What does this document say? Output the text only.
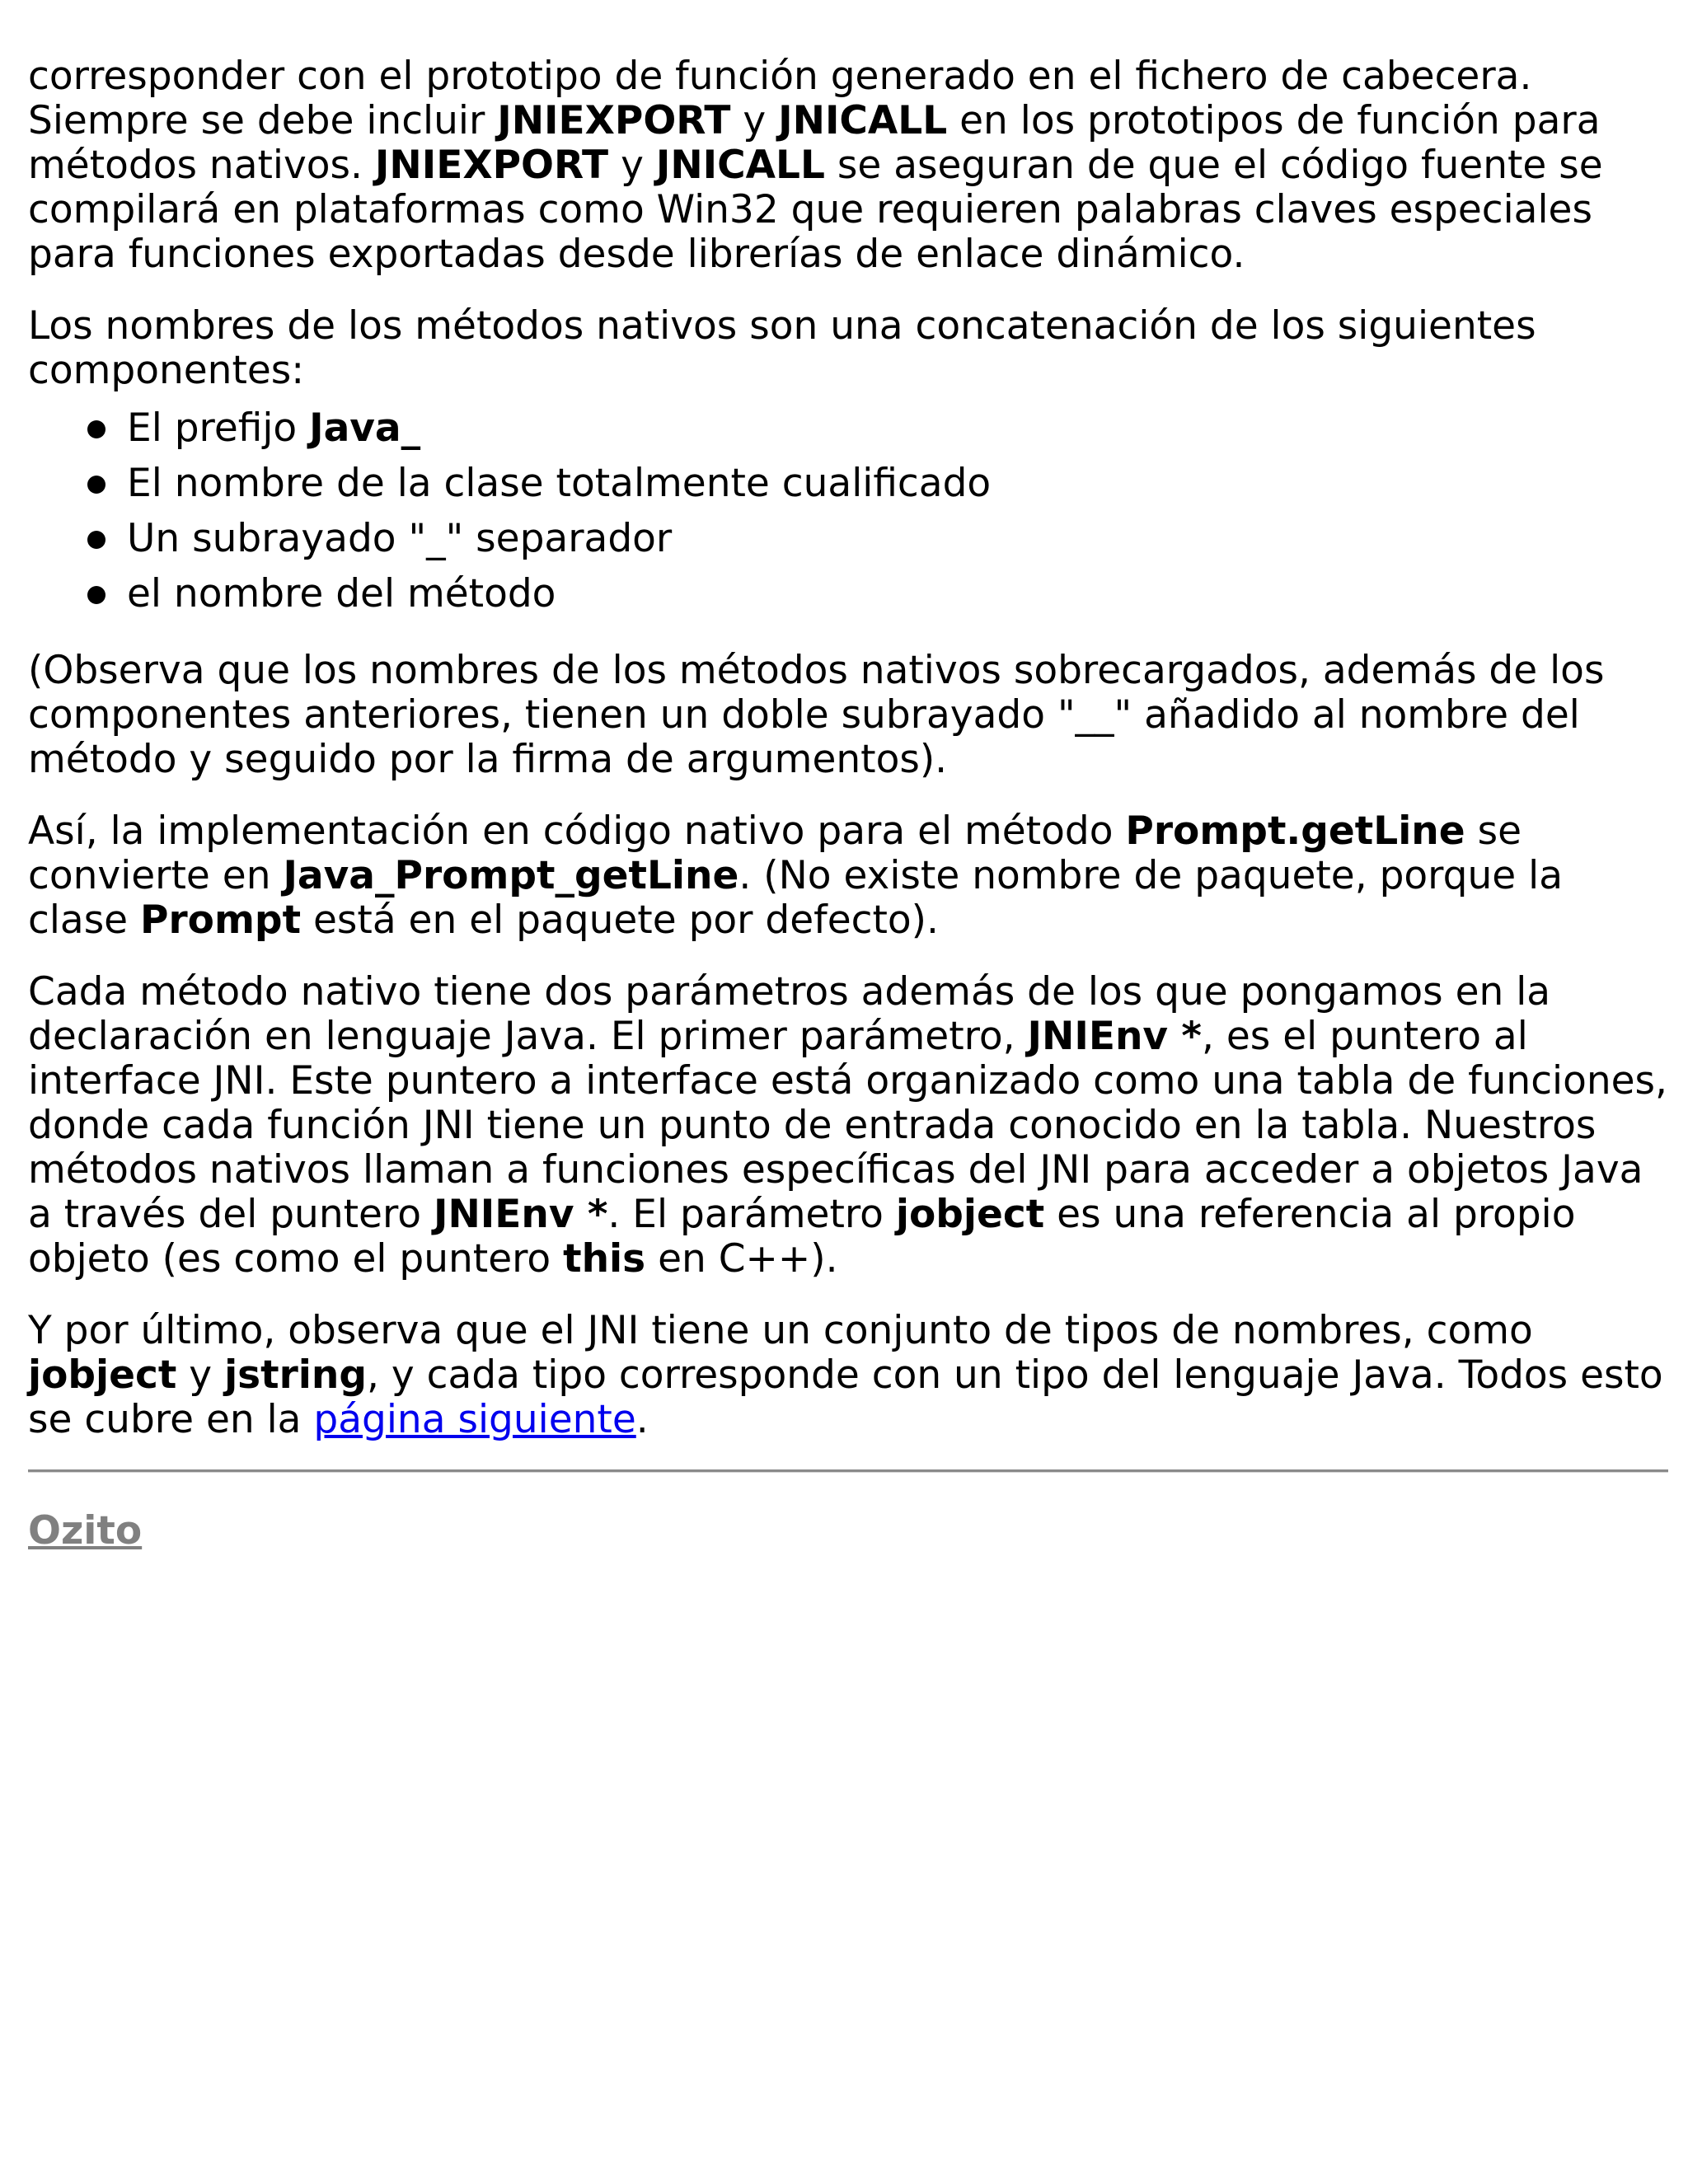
corresponder con el prototipo de función generado en el fichero de cabecera. Siempre se debe incluir JNIEXPORT y JNICALL en los prototipos de función para métodos nativos. JNIEXPORT y JNICALL se aseguran de que el código fuente se compilará en plataformas como Win32 que requieren palabras claves especiales para funciones exportadas desde librerías de enlace dinámico.

Los nombres de los métodos nativos son una concatenación de los siguientes componentes:

El prefijo Java_
El nombre de la clase totalmente cualificado
Un subrayado "_" separador
el nombre del método

(Observa que los nombres de los métodos nativos sobrecargados, además de los componentes anteriores, tienen un doble subrayado "__" añadido al nombre del método y seguido por la firma de argumentos).

Así, la implementación en código nativo para el método Prompt.getLine se convierte en Java_Prompt_getLine. (No existe nombre de paquete, porque la clase Prompt está en el paquete por defecto).

Cada método nativo tiene dos parámetros además de los que pongamos en la declaración en lenguaje Java. El primer parámetro, JNIEnv *, es el puntero al interface JNI. Este puntero a interface está organizado como una tabla de funciones, donde cada función JNI tiene un punto de entrada conocido en la tabla. Nuestros métodos nativos llaman a funciones específicas del JNI para acceder a objetos Java a través del puntero JNIEnv *. El parámetro jobject es una referencia al propio objeto (es como el puntero this en C++).

Y por último, observa que el JNI tiene un conjunto de tipos de nombres, como jobject y jstring, y cada tipo corresponde con un tipo del lenguaje Java. Todos esto se cubre en la página siguiente.

Ozito
